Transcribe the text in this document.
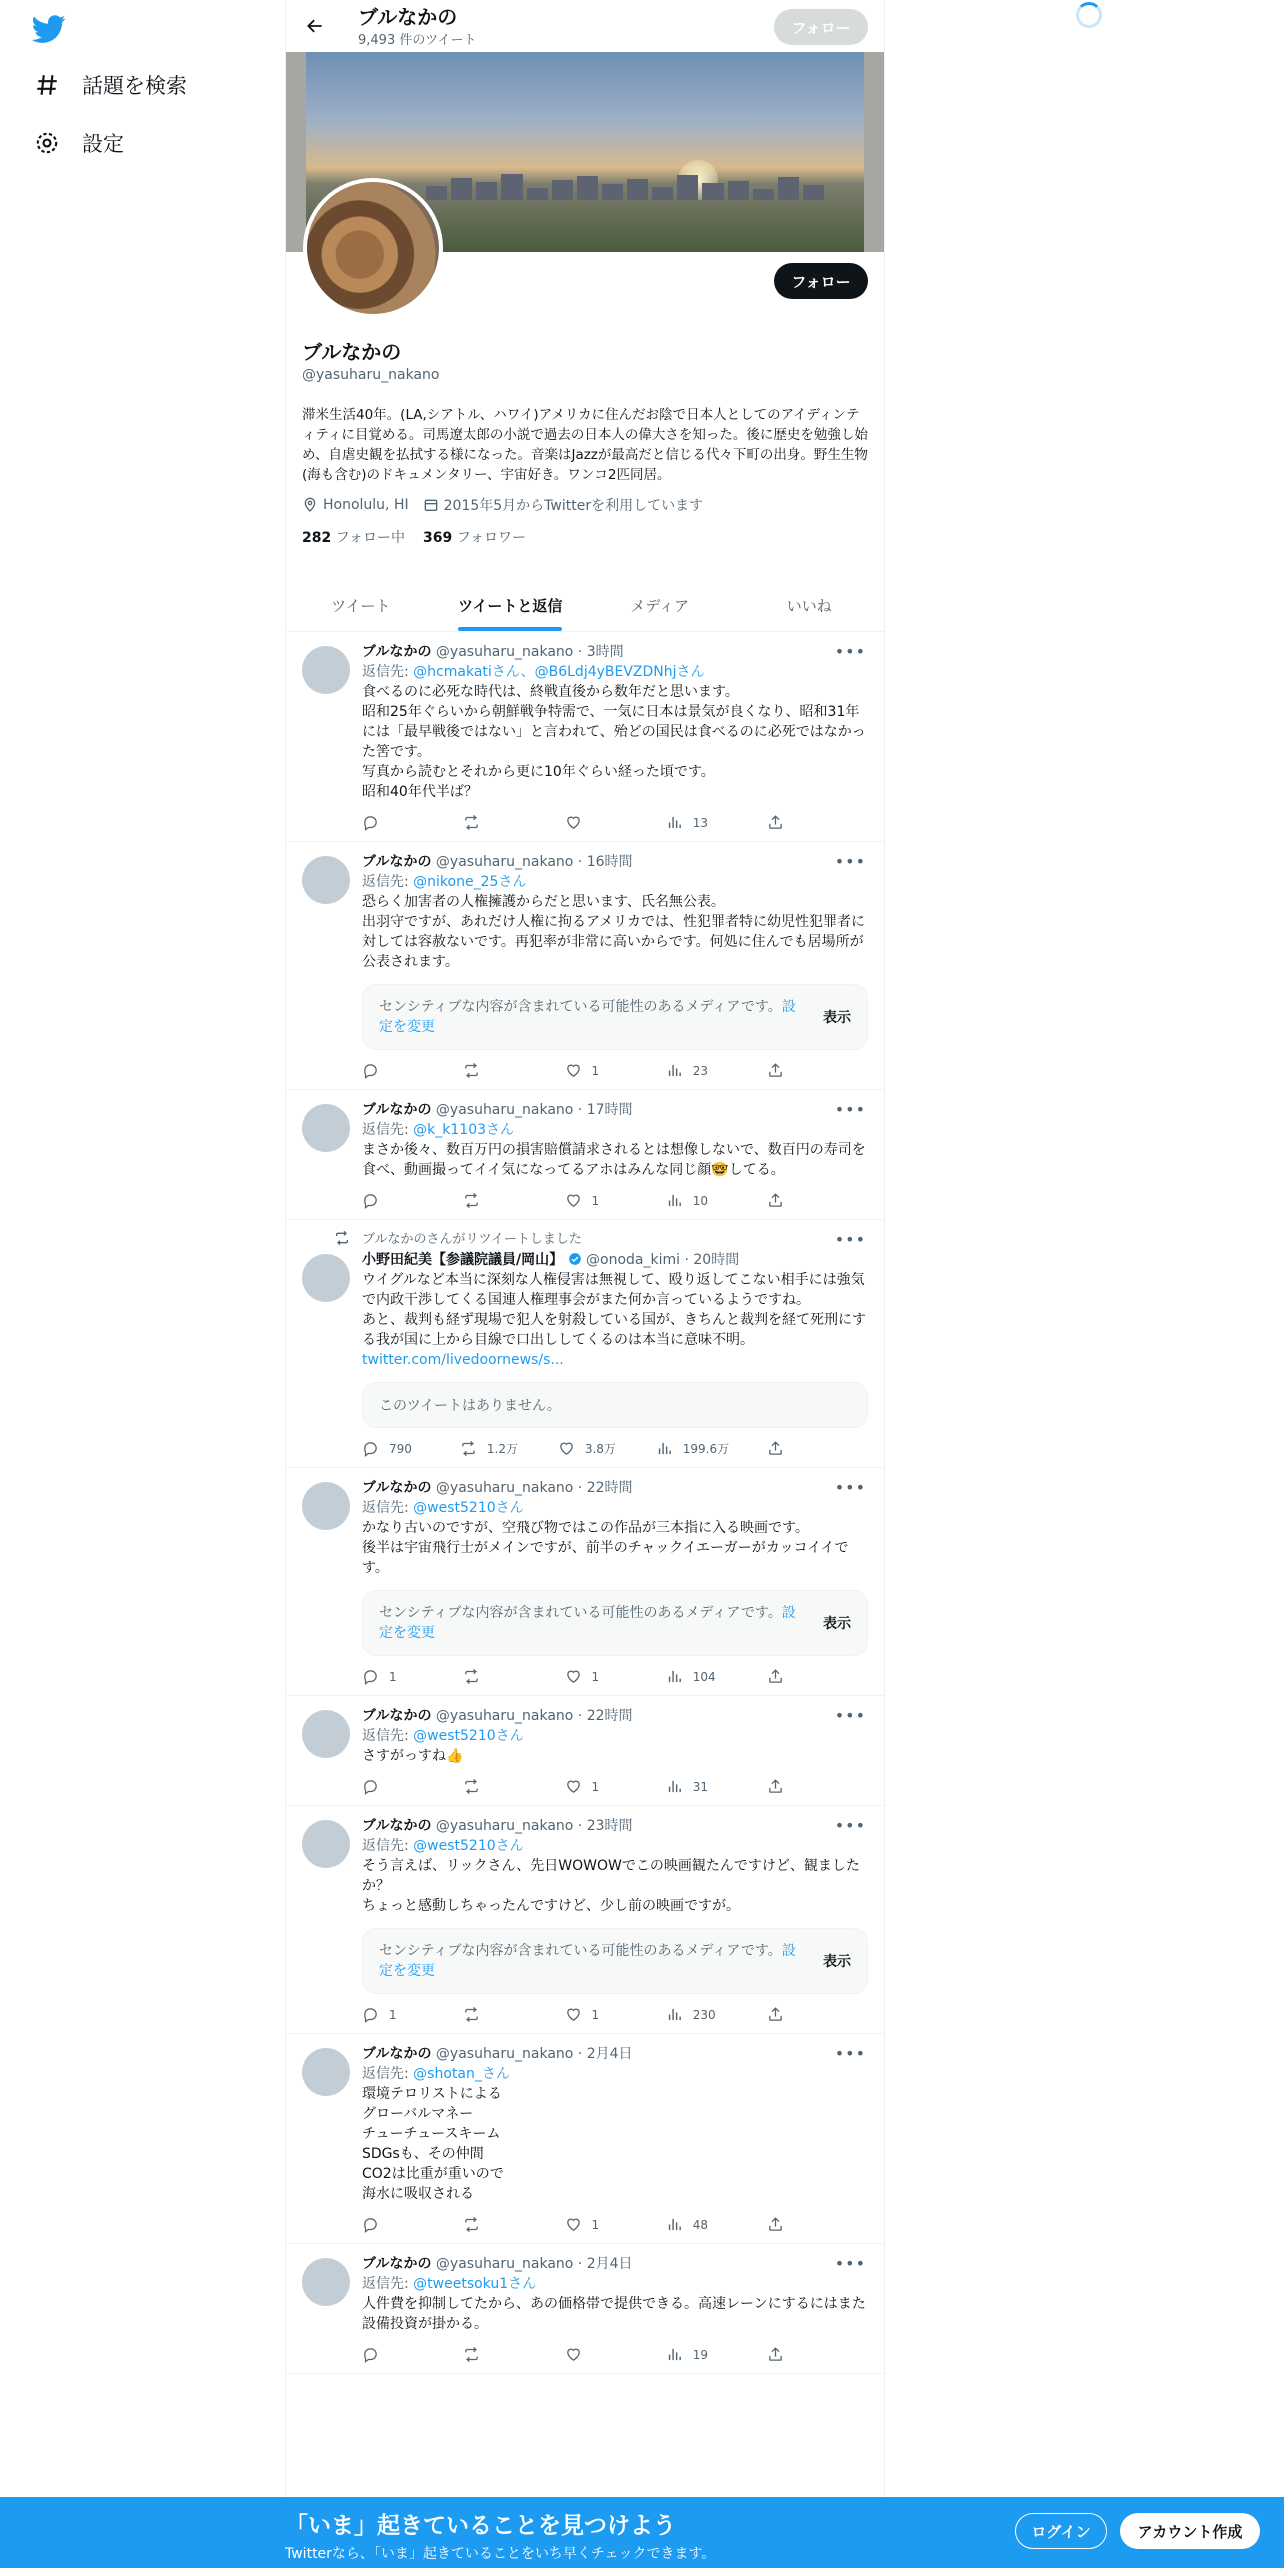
話題を検索
設定
ブルなかの
9,493 件のツイート
フォロー
フォロー
ブルなかの
@yasuharu_nakano
滞米生活40年。(LA,シアトル、ハワイ)アメリカに住んだお陰で日本人としてのアイディンティティに目覚める。司馬遼太郎の小説で過去の日本人の偉大さを知った。後に歴史を勉強し始め、自虐史観を払拭する様になった。音楽はJazzが最高だと信じる代々下町の出身。野生生物(海も含む)のドキュメンタリー、宇宙好き。ワンコ2匹同居。
Honolulu, HI	2015年5月からTwitterを利用しています
282 フォロー中 369 フォロワー
ツイート	ツイートと返信	メディア	いいね
•••
ブルなかの @yasuharu_nakano · 3時間
返信先: @hcmakatiさん、@B6Ldj4yBEVZDNhjさん
食べるのに必死な時代は、終戦直後から数年だと思います。
昭和25年ぐらいから朝鮮戦争特需で、一気に日本は景気が良くなり、昭和31年には「最早戦後ではない」と言われて、殆どの国民は食べるのに必死ではなかった筈です。
写真から読むとそれから更に10年ぐらい経った頃です。
昭和40年代半ば？
13
•••
ブルなかの @yasuharu_nakano · 16時間
返信先: @nikone_25さん
恐らく加害者の人権擁護からだと思います、氏名無公表。
出羽守ですが、あれだけ人権に拘るアメリカでは、性犯罪者特に幼児性犯罪者に対しては容赦ないです。再犯率が非常に高いからです。何処に住んでも居場所が公表されます。
センシティブな内容が含まれている可能性のあるメディアです。設定を変更
表示
1	23
•••
ブルなかの @yasuharu_nakano · 17時間
返信先: @k_k1103さん
まさか後々、数百万円の損害賠償請求されるとは想像しないで、数百円の寿司を食べ、動画撮ってイイ気になってるアホはみんな同じ顔🤓してる。
1	10
ブルなかのさんがリツイートしました	•••
小野田紀美【参議院議員/岡山】 @onoda_kimi · 20時間
ウイグルなど本当に深刻な人権侵害は無視して、殴り返してこない相手には強気で内政干渉してくる国連人権理事会がまた何か言っているようですね。
あと、裁判も経ず現場で犯人を射殺している国が、きちんと裁判を経て死刑にする我が国に上から目線で口出ししてくるのは本当に意味不明。
twitter.com/livedoornews/s...
このツイートはありません。
790	1.2万	3.8万	199.6万
•••
ブルなかの @yasuharu_nakano · 22時間
返信先: @west5210さん
かなり古いのですが、空飛び物ではこの作品が三本指に入る映画です。
後半は宇宙飛行士がメインですが、前半のチャックイエーガーがカッコイイです。
センシティブな内容が含まれている可能性のあるメディアです。設定を変更
表示
1	1	104
•••
ブルなかの @yasuharu_nakano · 22時間
返信先: @west5210さん
さすがっすね👍
1	31
•••
ブルなかの @yasuharu_nakano · 23時間
返信先: @west5210さん
そう言えば、リックさん、先日WOWOWでこの映画観たんですけど、観ましたか？
ちょっと感動しちゃったんですけど、少し前の映画ですが。
センシティブな内容が含まれている可能性のあるメディアです。設定を変更
表示
1	1	230
•••
ブルなかの @yasuharu_nakano · 2月4日
返信先: @shotan_さん
環境テロリストによる
グローバルマネー
チューチュースキーム
SDGsも、その仲間
CO2は比重が重いので
海水に吸収される
1	48
•••
ブルなかの @yasuharu_nakano · 2月4日
返信先: @tweetsoku1さん
人件費を抑制してたから、あの価格帯で提供できる。高速レーンにするにはまた設備投資が掛かる。
19
「いま」起きていることを見つけよう
Twitterなら、「いま」起きていることをいち早くチェックできます。
ログイン	アカウント作成
